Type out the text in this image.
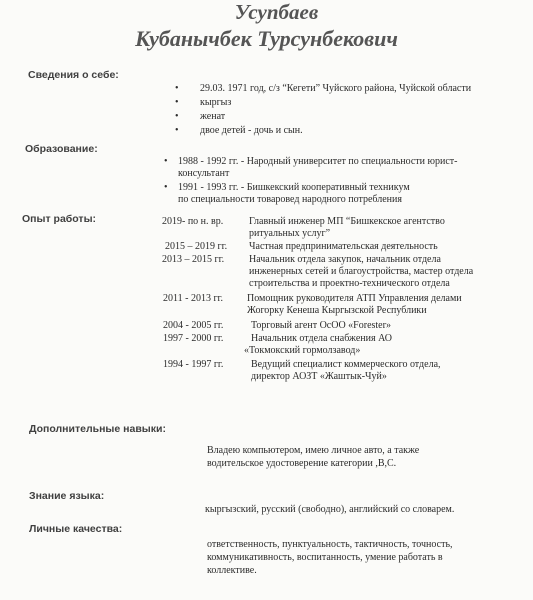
Усупбаев
Кубанычбек Турсунбекович
Сведения о себе:
• 29.03. 1971 год, с/з “Кегети” Чуйского района, Чуйской области
• кыргыз
• женат
• двое детей - дочь и сын.
Образование:
• 1988 - 1992 гг. - Народный университет по специальности юрист-
консультант
• 1991 - 1993 гг. - Бишкекский кооперативный техникум
по специальности товаровед народного потребления
Опыт работы:	2019- по н. вр.	Главный инженер МП “Бишкекское агентство
ритуальных услуг”
2015 – 2019 гг. Частная предпринимательская деятельность
2013 – 2015 гг. Начальник отдела закупок, начальник отдела
инженерных сетей и благоустройства, мастер отдела
строительства и проектно-технического отдела
2011 - 2013 гг. Помощник руководителя АТП Управления делами
Жогорку Кенеша Кыргызской Республики
2004 - 2005 гг.	Торговый агент ОсОО «Forester»
1997 - 2000 гг.	Начальник отдела снабжения АО
«Токмокский гормолзавод»
1994 - 1997 гг.	Ведущий специалист коммерческого отдела,
директор АОЗТ «Жаштык-Чуй»
Дополнительные навыки:
Владею компьютером, имею личное авто, а также
водительское удостоверение категории ,В,С.
Знание языка:
кыргызский, русский (свободно), английский со словарем.
Личные качества:
ответственность, пунктуальность, тактичность, точность,
коммуникативность, воспитанность, умение работать в
коллективе.
